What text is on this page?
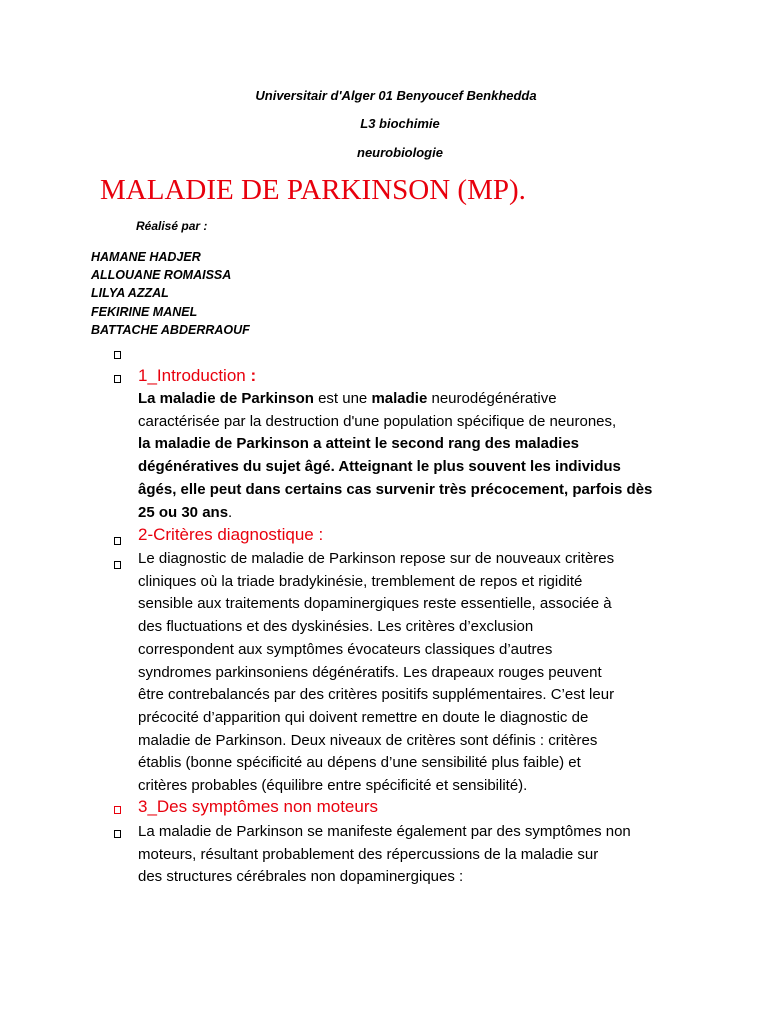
Universitair d'Alger 01 Benyoucef Benkhedda
L3 biochimie
neurobiologie
MALADIE DE PARKINSON (MP).
Réalisé par :
HAMANE HADJER
ALLOUANE ROMAISSA
LILYA AZZAL
FEKIRINE MANEL
BATTACHE ABDERRAOUF
1_Introduction :
La maladie de Parkinson est une maladie neurodégénérative
caractérisée par la destruction d'une population spécifique de neurones,
la maladie de Parkinson a atteint le second rang des maladies
dégénératives du sujet âgé. Atteignant le plus souvent les individus
âgés, elle peut dans certains cas survenir très précocement, parfois dès
25 ou 30 ans.
2-Critères diagnostique :
Le diagnostic de maladie de Parkinson repose sur de nouveaux critères
cliniques où la triade bradykinésie, tremblement de repos et rigidité
sensible aux traitements dopaminergiques reste essentielle, associée à
des fluctuations et des dyskinésies. Les critères d’exclusion
correspondent aux symptômes évocateurs classiques d’autres
syndromes parkinsoniens dégénératifs. Les drapeaux rouges peuvent
être contrebalancés par des critères positifs supplémentaires. C’est leur
précocité d’apparition qui doivent remettre en doute le diagnostic de
maladie de Parkinson. Deux niveaux de critères sont définis : critères
établis (bonne spécificité au dépens d’une sensibilité plus faible) et
critères probables (équilibre entre spécificité et sensibilité).
3_Des symptômes non moteurs
La maladie de Parkinson se manifeste également par des symptômes non
moteurs, résultant probablement des répercussions de la maladie sur
des structures cérébrales non dopaminergiques :
